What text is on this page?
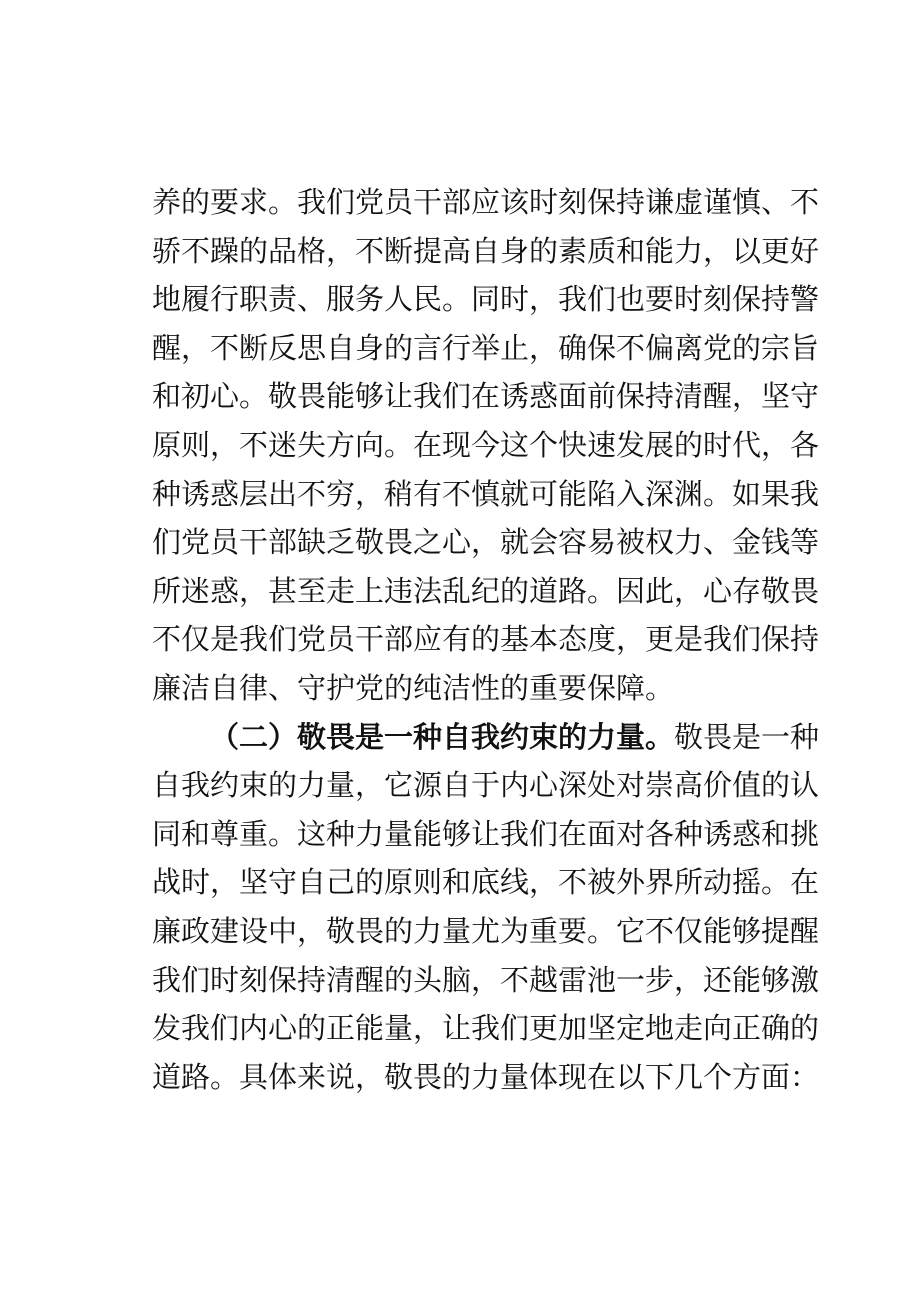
养的要求。我们党员干部应该时刻保持谦虚谨慎、不
骄不躁的品格，不断提高自身的素质和能力，以更好
地履行职责、服务人民。同时，我们也要时刻保持警
醒，不断反思自身的言行举止，确保不偏离党的宗旨
和初心。敬畏能够让我们在诱惑面前保持清醒，坚守
原则，不迷失方向。在现今这个快速发展的时代，各
种诱惑层出不穷，稍有不慎就可能陷入深渊。如果我
们党员干部缺乏敬畏之心，就会容易被权力、金钱等
所迷惑，甚至走上违法乱纪的道路。因此，心存敬畏
不仅是我们党员干部应有的基本态度，更是我们保持
廉洁自律、守护党的纯洁性的重要保障。
（二）敬畏是一种自我约束的力量。敬畏是一种
自我约束的力量，它源自于内心深处对崇高价值的认
同和尊重。这种力量能够让我们在面对各种诱惑和挑
战时，坚守自己的原则和底线，不被外界所动摇。在
廉政建设中，敬畏的力量尤为重要。它不仅能够提醒
我们时刻保持清醒的头脑，不越雷池一步，还能够激
发我们内心的正能量，让我们更加坚定地走向正确的
道路。具体来说，敬畏的力量体现在以下几个方面：
